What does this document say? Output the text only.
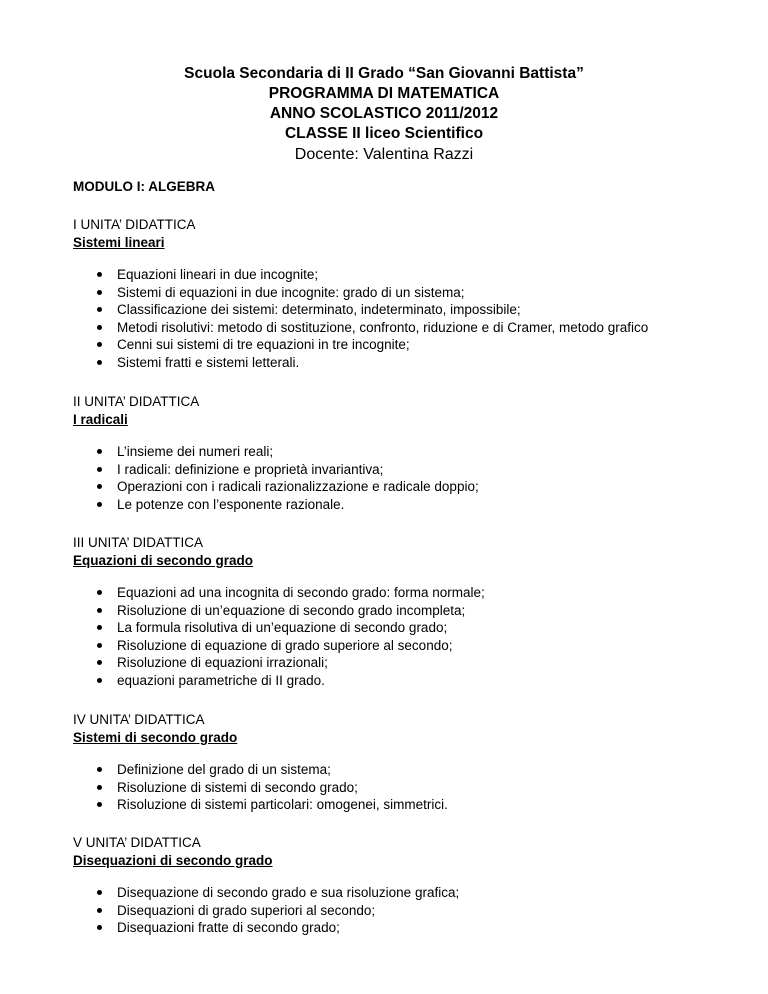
Scuola Secondaria di II Grado “San Giovanni Battista”
PROGRAMMA DI MATEMATICA
ANNO SCOLASTICO 2011/2012
CLASSE II liceo Scientifico
Docente: Valentina Razzi
MODULO I: ALGEBRA
I UNITA’ DIDATTICA
Sistemi lineari
Equazioni lineari in due incognite;
Sistemi di equazioni in due incognite: grado di un sistema;
Classificazione dei sistemi: determinato, indeterminato, impossibile;
Metodi risolutivi: metodo di sostituzione, confronto, riduzione e di Cramer, metodo grafico
Cenni sui sistemi di tre equazioni in tre incognite;
Sistemi fratti e sistemi letterali.
II UNITA’ DIDATTICA
I radicali
L’insieme dei numeri reali;
I radicali: definizione e proprietà invariantiva;
Operazioni con i radicali razionalizzazione e radicale doppio;
Le potenze con l’esponente razionale.
III UNITA’ DIDATTICA
Equazioni di secondo grado
Equazioni ad una incognita di secondo grado: forma normale;
Risoluzione di un’equazione di secondo grado incompleta;
La formula risolutiva di un’equazione di secondo grado;
Risoluzione di equazione di grado superiore al secondo;
Risoluzione di equazioni irrazionali;
equazioni parametriche di II grado.
IV UNITA’ DIDATTICA
Sistemi di secondo grado
Definizione del grado di un sistema;
Risoluzione di sistemi di secondo grado;
Risoluzione di sistemi particolari: omogenei, simmetrici.
V UNITA’ DIDATTICA
Disequazioni di secondo grado
Disequazione di secondo grado e sua risoluzione grafica;
Disequazioni di grado superiori al secondo;
Disequazioni fratte di secondo grado;
